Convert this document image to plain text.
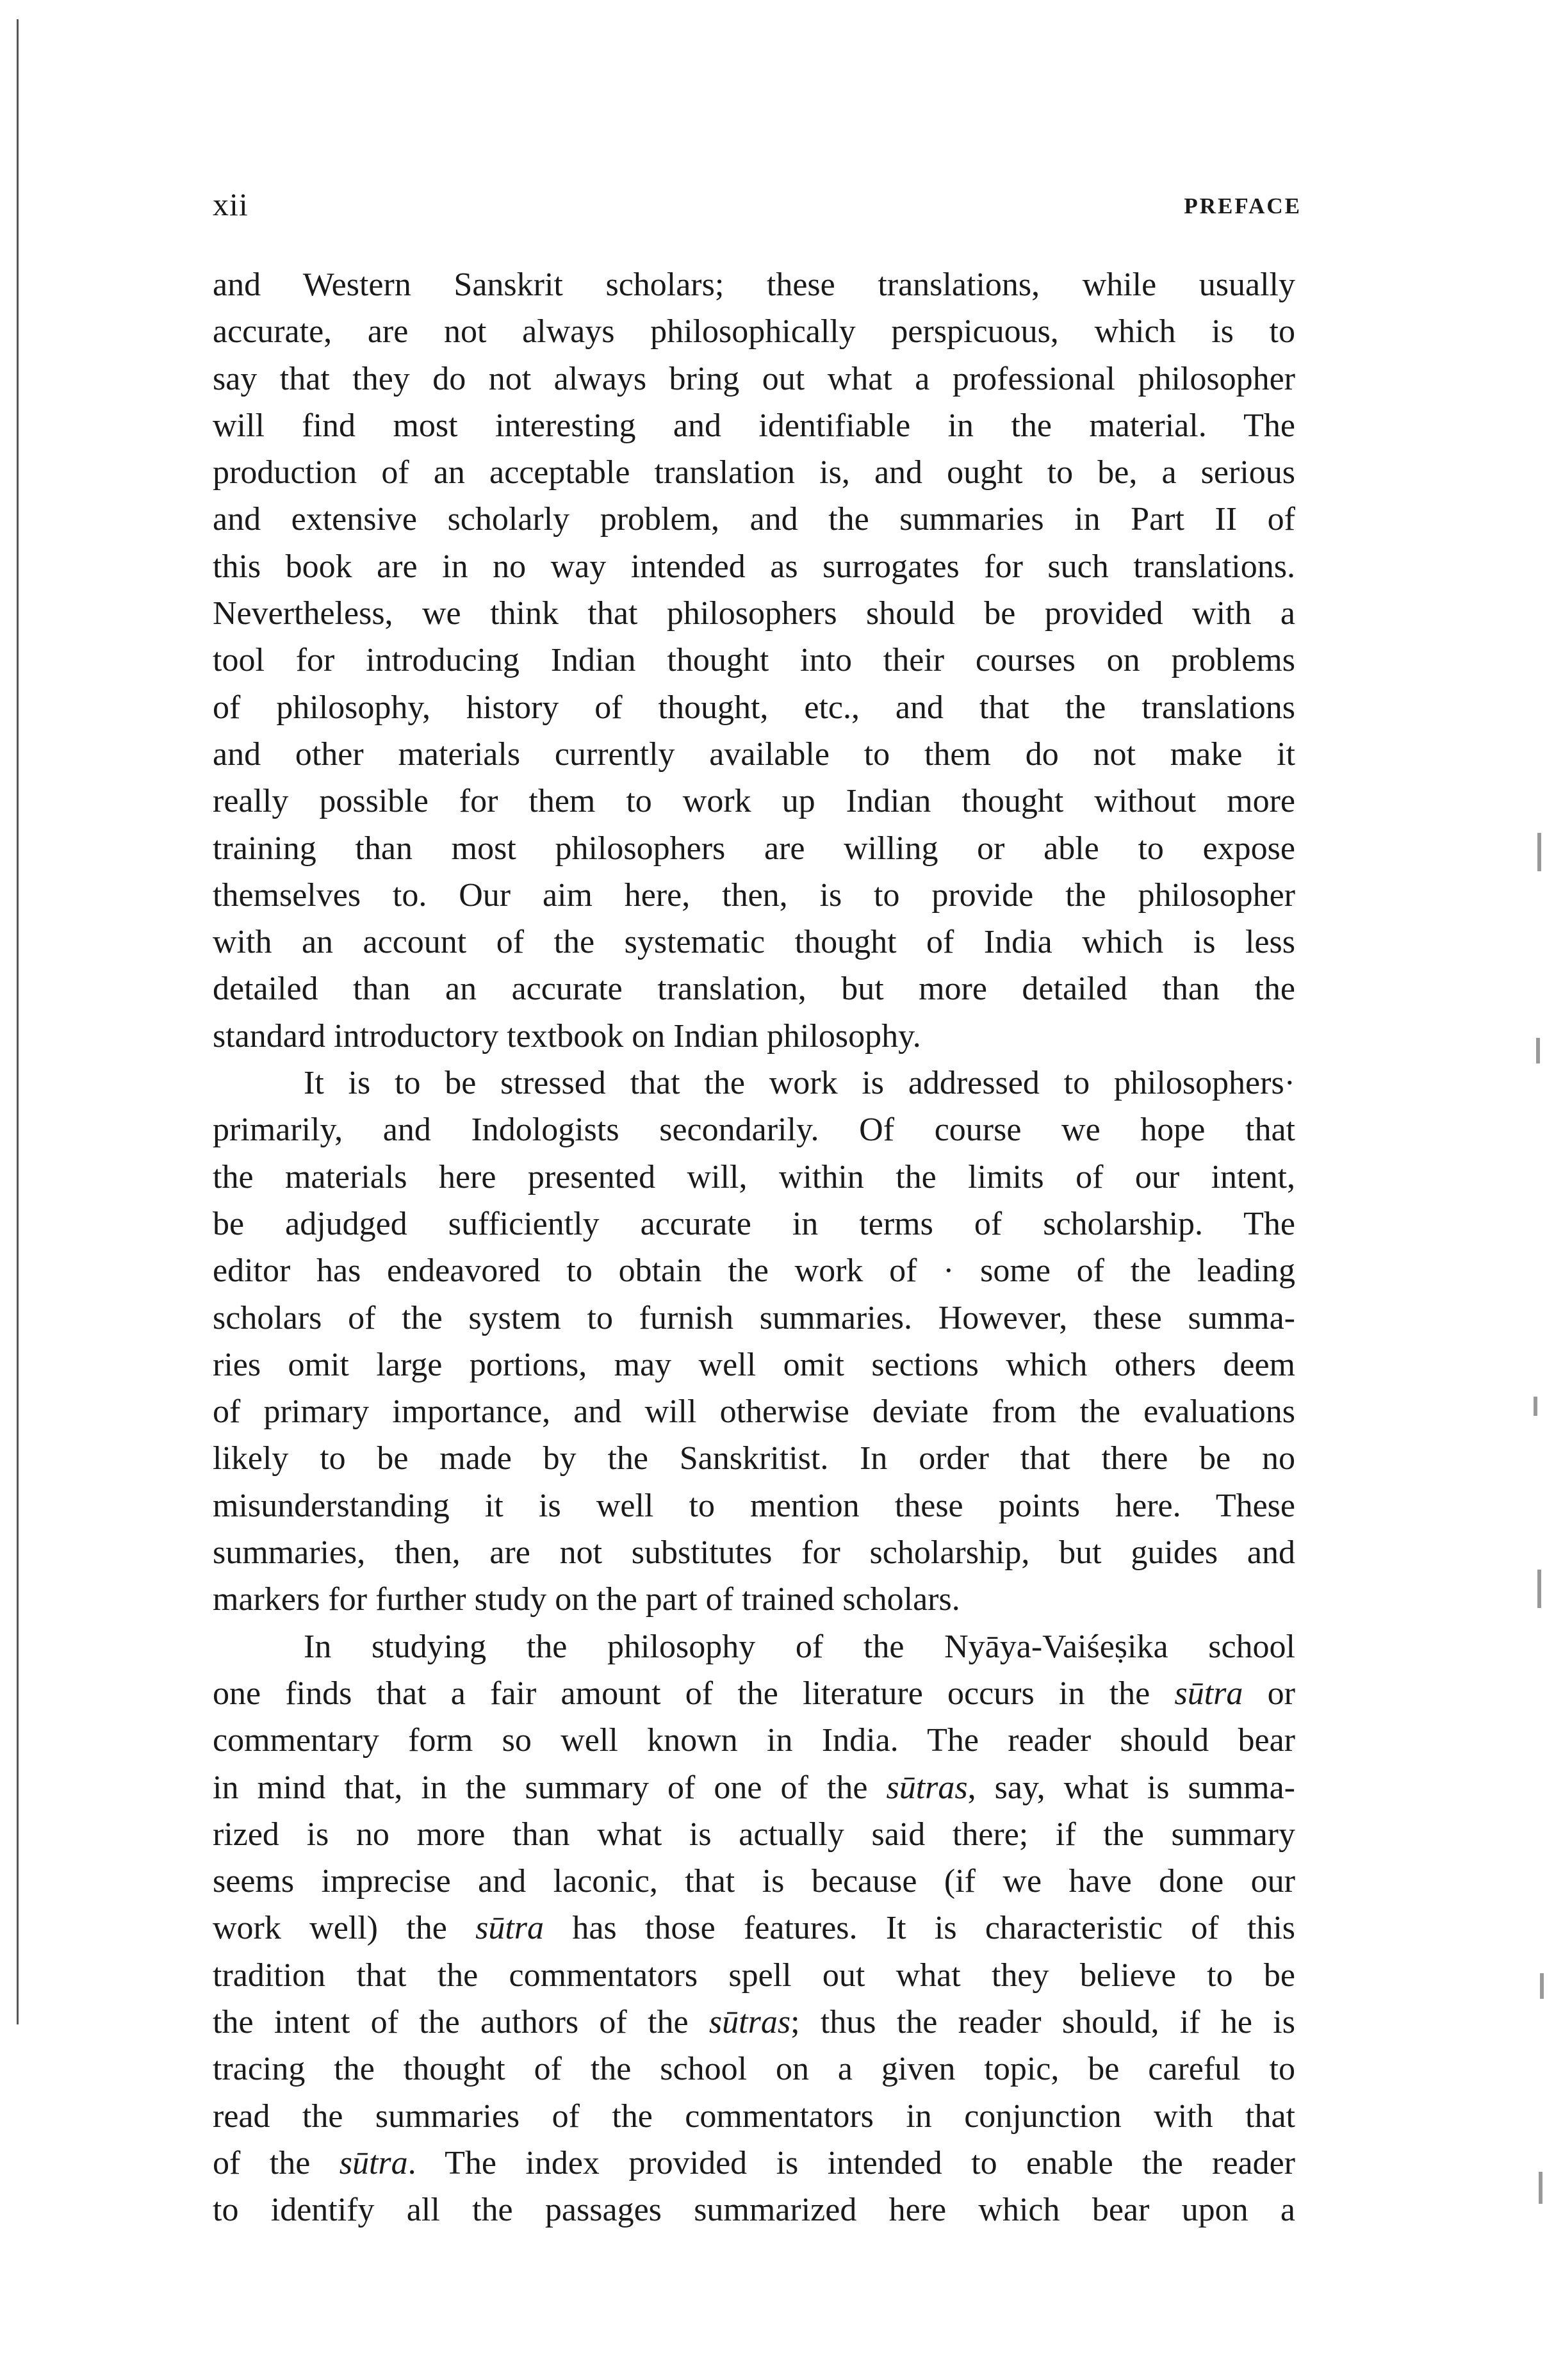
xii	PREFACE
and Western Sanskrit scholars; these translations, while usually
accurate, are not always philosophically perspicuous, which is to
say that they do not always bring out what a professional philosopher
will find most interesting and identifiable in the material. The
production of an acceptable translation is, and ought to be, a serious
and extensive scholarly problem, and the summaries in Part II of
this book are in no way intended as surrogates for such translations.
Nevertheless, we think that philosophers should be provided with a
tool for introducing Indian thought into their courses on problems
of philosophy, history of thought, etc., and that the translations
and other materials currently available to them do not make it
really possible for them to work up Indian thought without more
training than most philosophers are willing or able to expose
themselves to. Our aim here, then, is to provide the philosopher
with an account of the systematic thought of India which is less
detailed than an accurate translation, but more detailed than the
standard introductory textbook on Indian philosophy.
It is to be stressed that the work is addressed to philosophers·
primarily, and Indologists secondarily. Of course we hope that
the materials here presented will, within the limits of our intent,
be adjudged sufficiently accurate in terms of scholarship. The
editor has endeavored to obtain the work of · some of the leading
scholars of the system to furnish summaries. However, these summa-
ries omit large portions, may well omit sections which others deem
of primary importance, and will otherwise deviate from the evaluations
likely to be made by the Sanskritist. In order that there be no
misunderstanding it is well to mention these points here. These
summaries, then, are not substitutes for scholarship, but guides and
markers for further study on the part of trained scholars.
In studying the philosophy of the Nyāya-Vaiśeṣika school
one finds that a fair amount of the literature occurs in the sūtra or
commentary form so well known in India. The reader should bear
in mind that, in the summary of one of the sūtras, say, what is summa-
rized is no more than what is actually said there; if the summary
seems imprecise and laconic, that is because (if we have done our
work well) the sūtra has those features. It is characteristic of this
tradition that the commentators spell out what they believe to be
the intent of the authors of the sūtras; thus the reader should, if he is
tracing the thought of the school on a given topic, be careful to
read the summaries of the commentators in conjunction with that
of the sūtra. The index provided is intended to enable the reader
to identify all the passages summarized here which bear upon a
